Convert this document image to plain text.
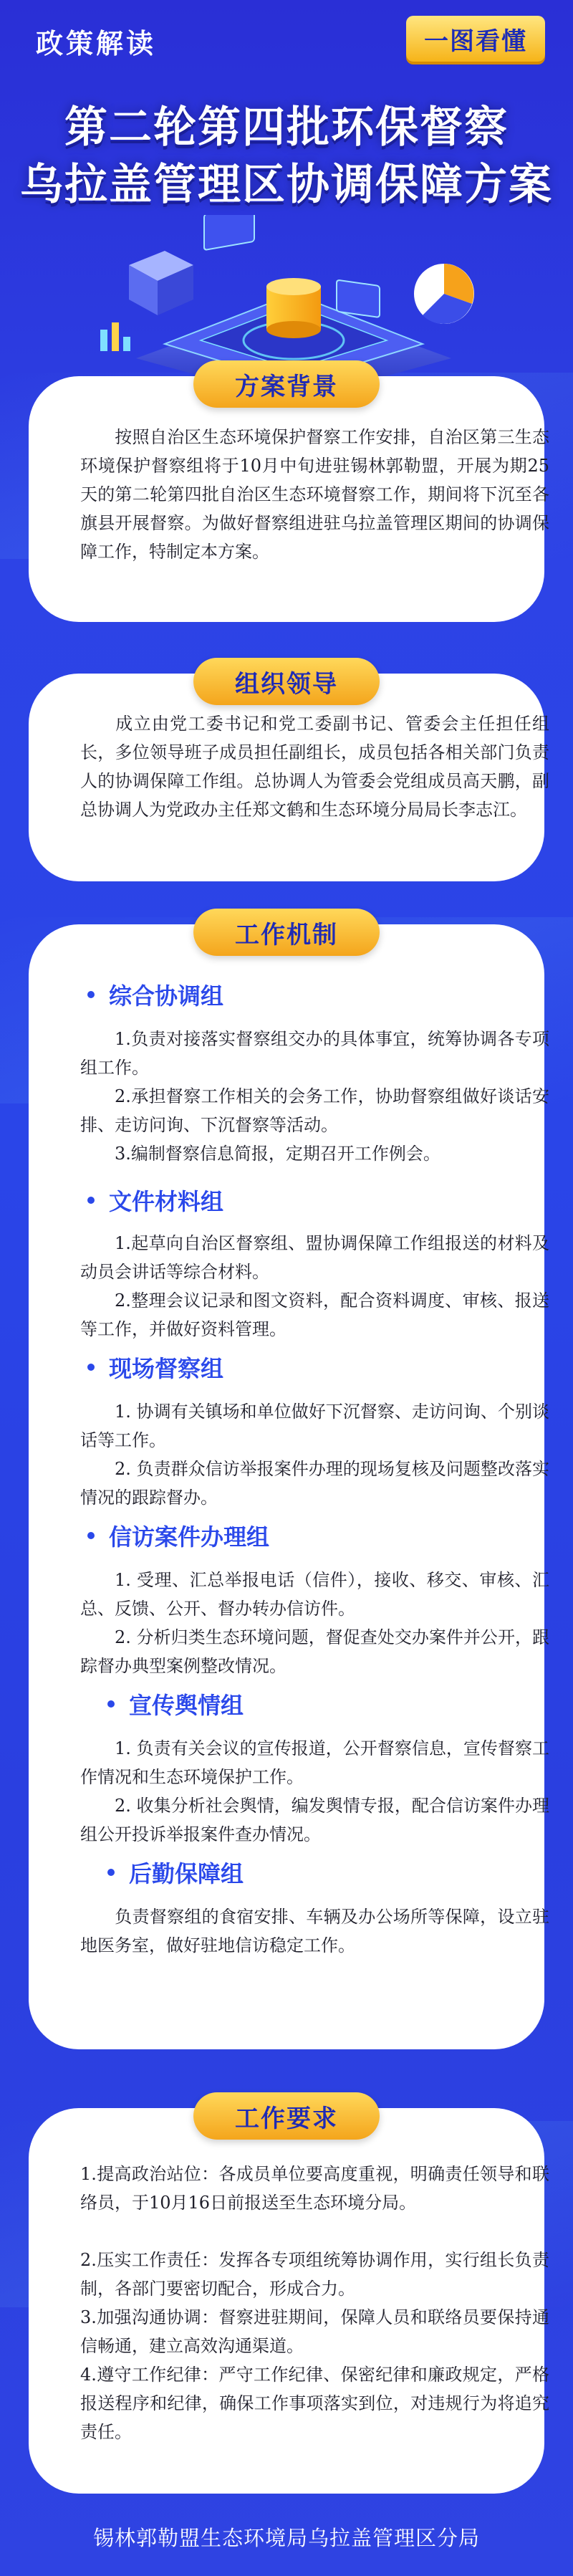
政策解读	一图看懂
第二轮第四批环保督察
乌拉盖管理区协调保障方案
方案背景

按照自治区生态环境保护督察工作安排，自治区第三生态环境保护督察组将于10月中旬进驻锡林郭勒盟，开展为期25天的第二轮第四批自治区生态环境督察工作，期间将下沉至各旗县开展督察。为做好督察组进驻乌拉盖管理区期间的协调保障工作，特制定本方案。

组织领导

成立由党工委书记和党工委副书记、管委会主任担任组长，多位领导班子成员担任副组长，成员包括各相关部门负责人的协调保障工作组。总协调人为管委会党组成员高天鹏，副总协调人为党政办主任郑文鹤和生态环境分局局长李志江。

工作机制
综合协调组

1.负责对接落实督察组交办的具体事宜，统筹协调各专项组工作。

2.承担督察工作相关的会务工作，协助督察组做好谈话安排、走访问询、下沉督察等活动。

3.编制督察信息简报，定期召开工作例会。

文件材料组

1.起草向自治区督察组、盟协调保障工作组报送的材料及动员会讲话等综合材料。

2.整理会议记录和图文资料，配合资料调度、审核、报送等工作，并做好资料管理。

现场督察组

1. 协调有关镇场和单位做好下沉督察、走访问询、个别谈话等工作。

2. 负责群众信访举报案件办理的现场复核及问题整改落实情况的跟踪督办。

信访案件办理组

1. 受理、汇总举报电话（信件），接收、移交、审核、汇总、反馈、公开、督办转办信访件。

2. 分析归类生态环境问题，督促查处交办案件并公开，跟踪督办典型案例整改情况。

宣传舆情组

1. 负责有关会议的宣传报道，公开督察信息，宣传督察工作情况和生态环境保护工作。

2. 收集分析社会舆情，编发舆情专报，配合信访案件办理组公开投诉举报案件查办情况。

后勤保障组

负责督察组的食宿安排、车辆及办公场所等保障，设立驻地医务室，做好驻地信访稳定工作。

工作要求

1.提高政治站位：各成员单位要高度重视，明确责任领导和联络员，于10月16日前报送至生态环境分局。

2.压实工作责任：发挥各专项组统筹协调作用，实行组长负责制，各部门要密切配合，形成合力。

3.加强沟通协调：督察进驻期间，保障人员和联络员要保持通信畅通，建立高效沟通渠道。

4.遵守工作纪律：严守工作纪律、保密纪律和廉政规定，严格报送程序和纪律，确保工作事项落实到位，对违规行为将追究责任。

锡林郭勒盟生态环境局乌拉盖管理区分局
